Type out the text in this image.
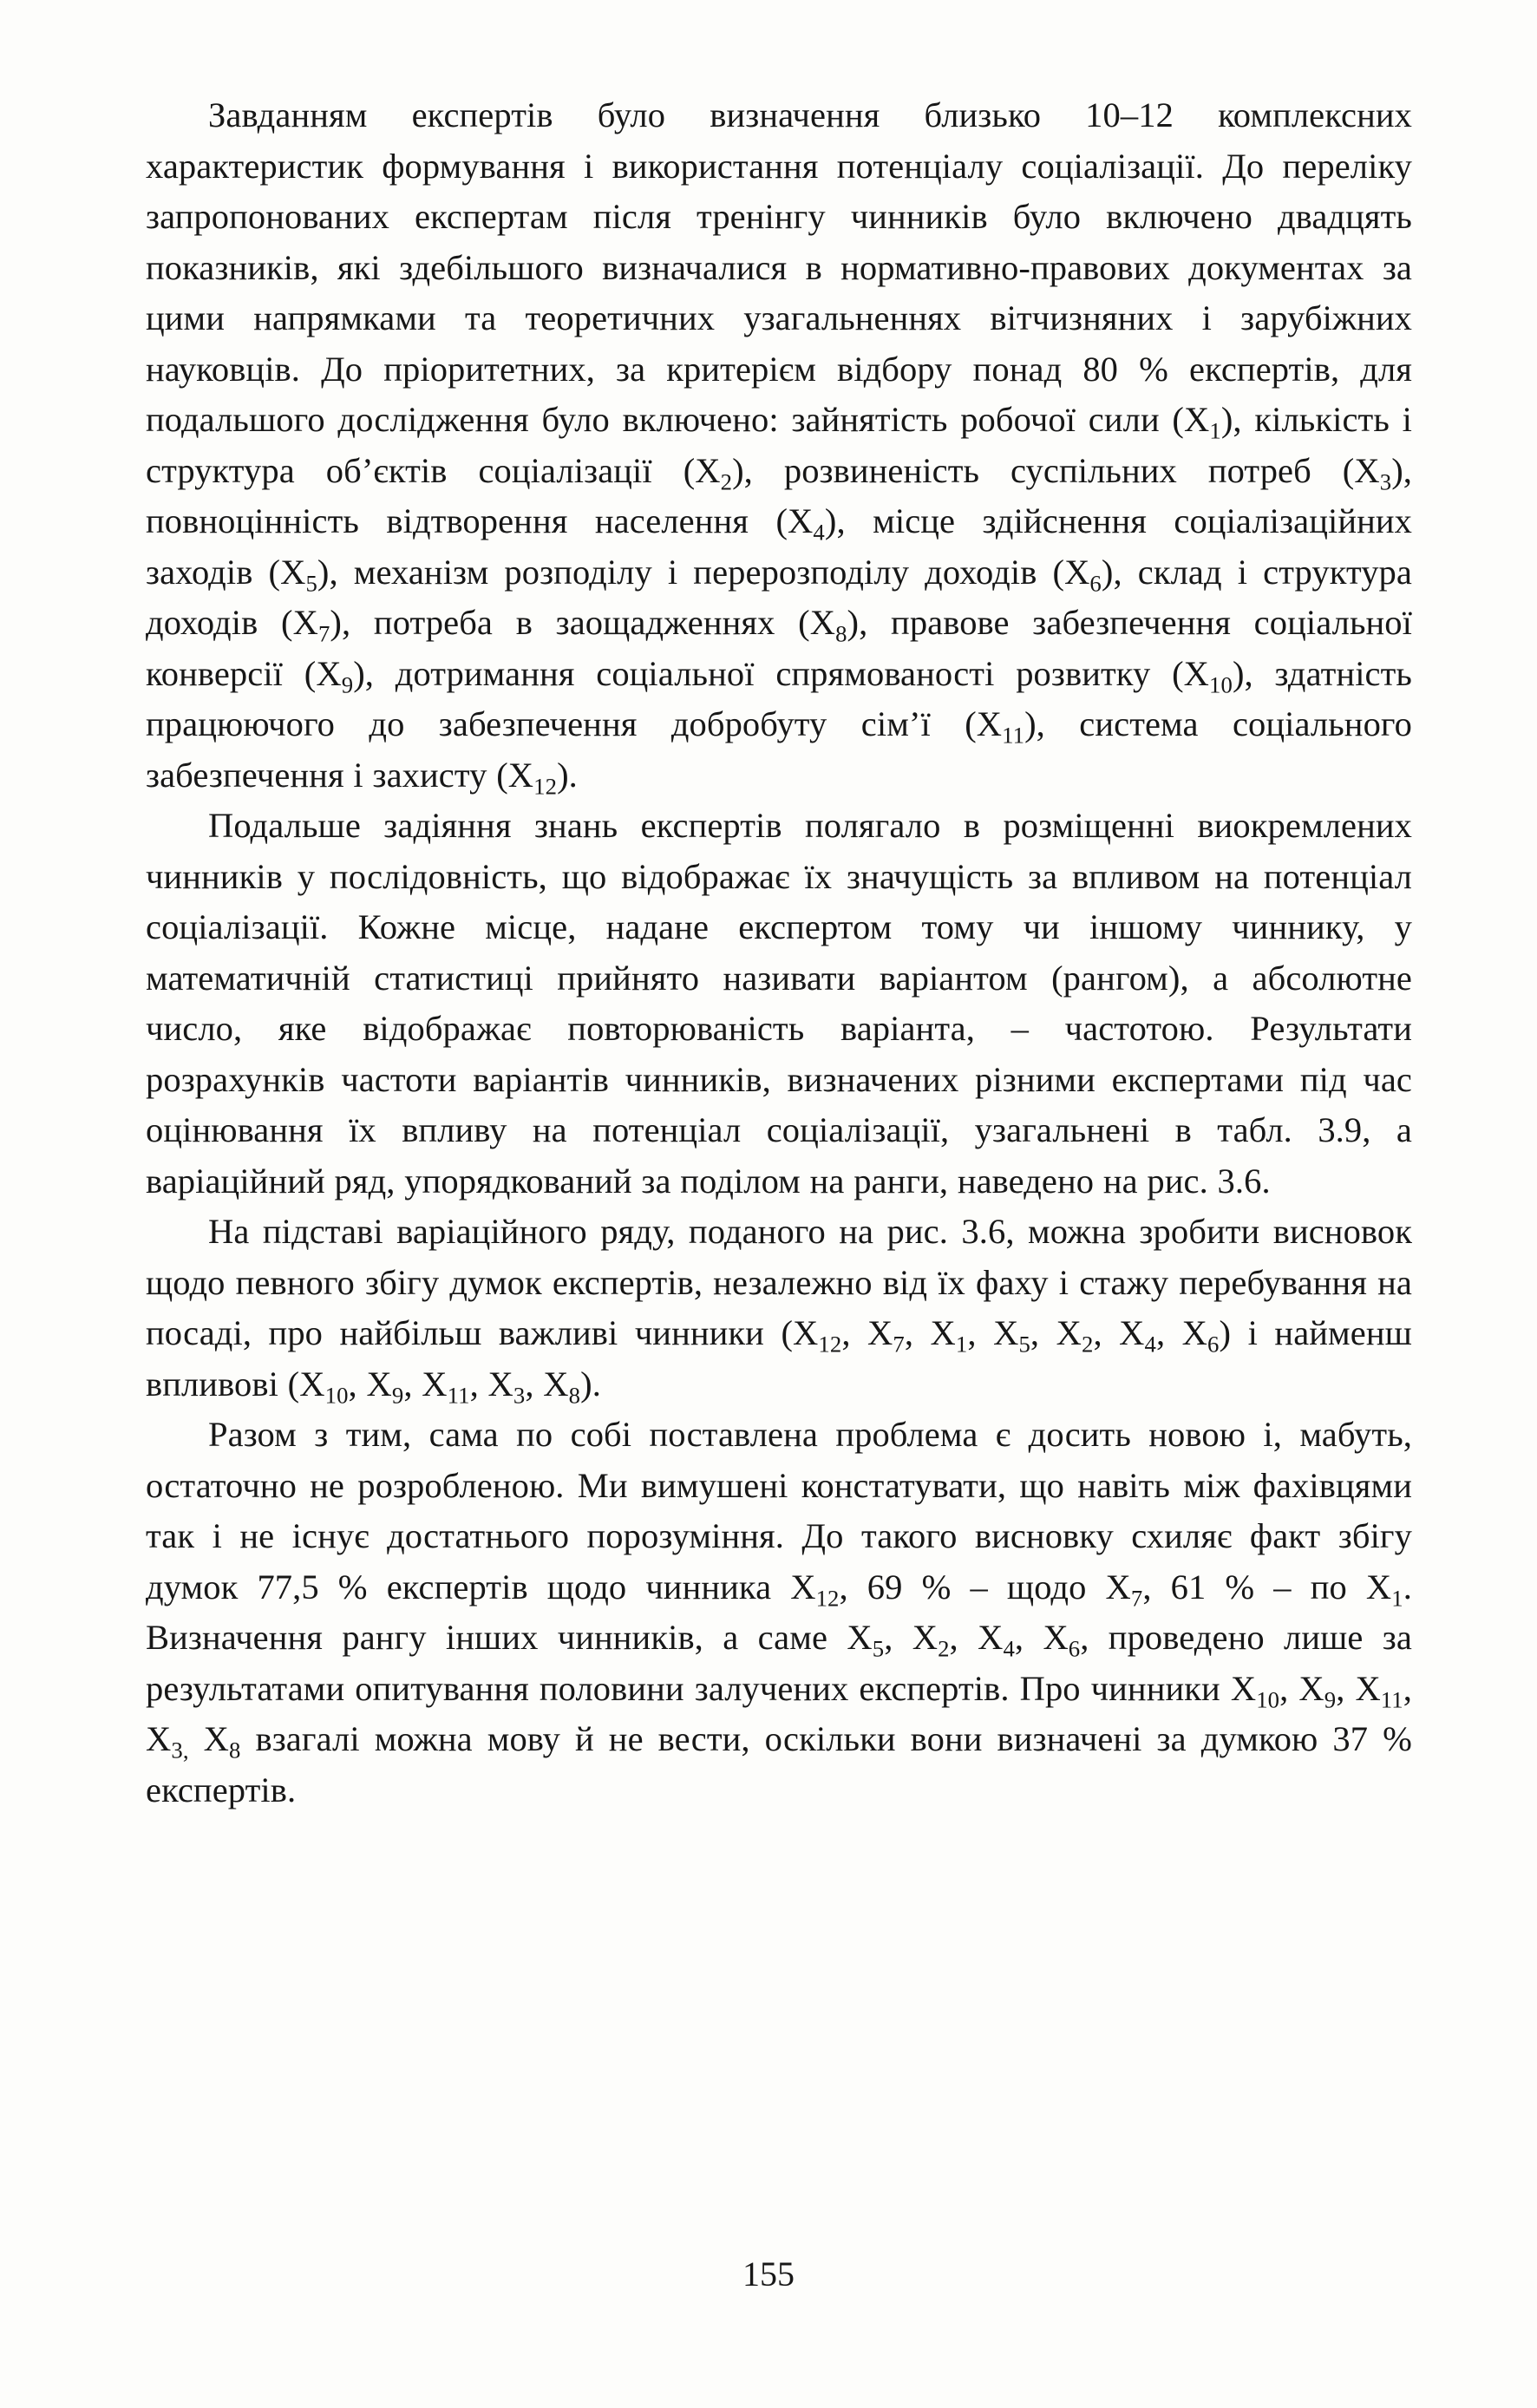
Завданням експертів було визначення близько 10–12 комплексних характеристик формування і використання потенціалу соціалізації. До переліку запропонованих експертам після тренінгу чинників було включено двадцять показників, які здебільшого визначалися в нормативно-правових документах за цими напрямками та теоретичних узагальненнях вітчизняних і зарубіжних науковців. До пріоритетних, за критерієм відбору понад 80 % експертів, для подальшого дослідження було включено: зайнятість робочої сили $(X_1)$, кількість і структура об’єктів соціалізації $(X_2)$, розвиненість суспільних потреб $(X_3)$, повноцінність відтворення населення $(X_4)$, місце здійснення соціалізаційних заходів $(X_5)$, механізм розподілу і перерозподілу доходів $(X_6)$, склад і структура доходів $(X_7)$, потреба в заощадженнях $(X_8)$, правове забезпечення соціальної конверсії $(X_9)$, дотримання соціальної спрямованості розвитку $(X_{10})$, здатність працюючого до забезпечення добробуту сім’ї $(X_{11})$, система соціального забезпечення і захисту $(X_{12})$.

Подальше задіяння знань експертів полягало в розміщенні виокремлених чинників у послідовність, що відображає їх значущість за впливом на потенціал соціалізації. Кожне місце, надане експертом тому чи іншому чиннику, у математичній статистиці прийнято називати варіантом (рангом), а абсолютне число, яке відображає повторюваність варіанта, – частотою. Результати розрахунків частоти варіантів чинників, визначених різними експертами під час оцінювання їх впливу на потенціал соціалізації, узагальнені в табл. 3.9, а варіаційний ряд, упорядкований за поділом на ранги, наведено на рис. 3.6.

На підставі варіаційного ряду, поданого на рис. 3.6, можна зробити висновок щодо певного збігу думок експертів, незалежно від їх фаху і стажу перебування на посаді, про найбільш важливі чинники ($X_{12}$, $X_7$, $X_1$, $X_5$, $X_2$, $X_4$, $X_6$) і найменш впливові ($X_{10}$, $X_9$, $X_{11}$, $X_3$, $X_8$).

Разом з тим, сама по собі поставлена проблема є досить новою і, мабуть, остаточно не розробленою. Ми вимушені констатувати, що навіть між фахівцями так і не існує достатнього порозуміння. До такого висновку схиляє факт збігу думок 77,5 % експертів щодо чинника $X_{12}$, 69 % – щодо $X_7$, 61 % – по $X_1$. Визначення рангу інших чинників, а саме $X_5$, $X_2$, $X_4$, $X_6$, проведено лише за результатами опитування половини залучених експертів. Про чинники $X_{10}$, $X_9$, $X_{11}$, $X_{3,}$ $X_8$ взагалі можна мову й не вести, оскільки вони визначені за думкою 37 % експертів.

155
